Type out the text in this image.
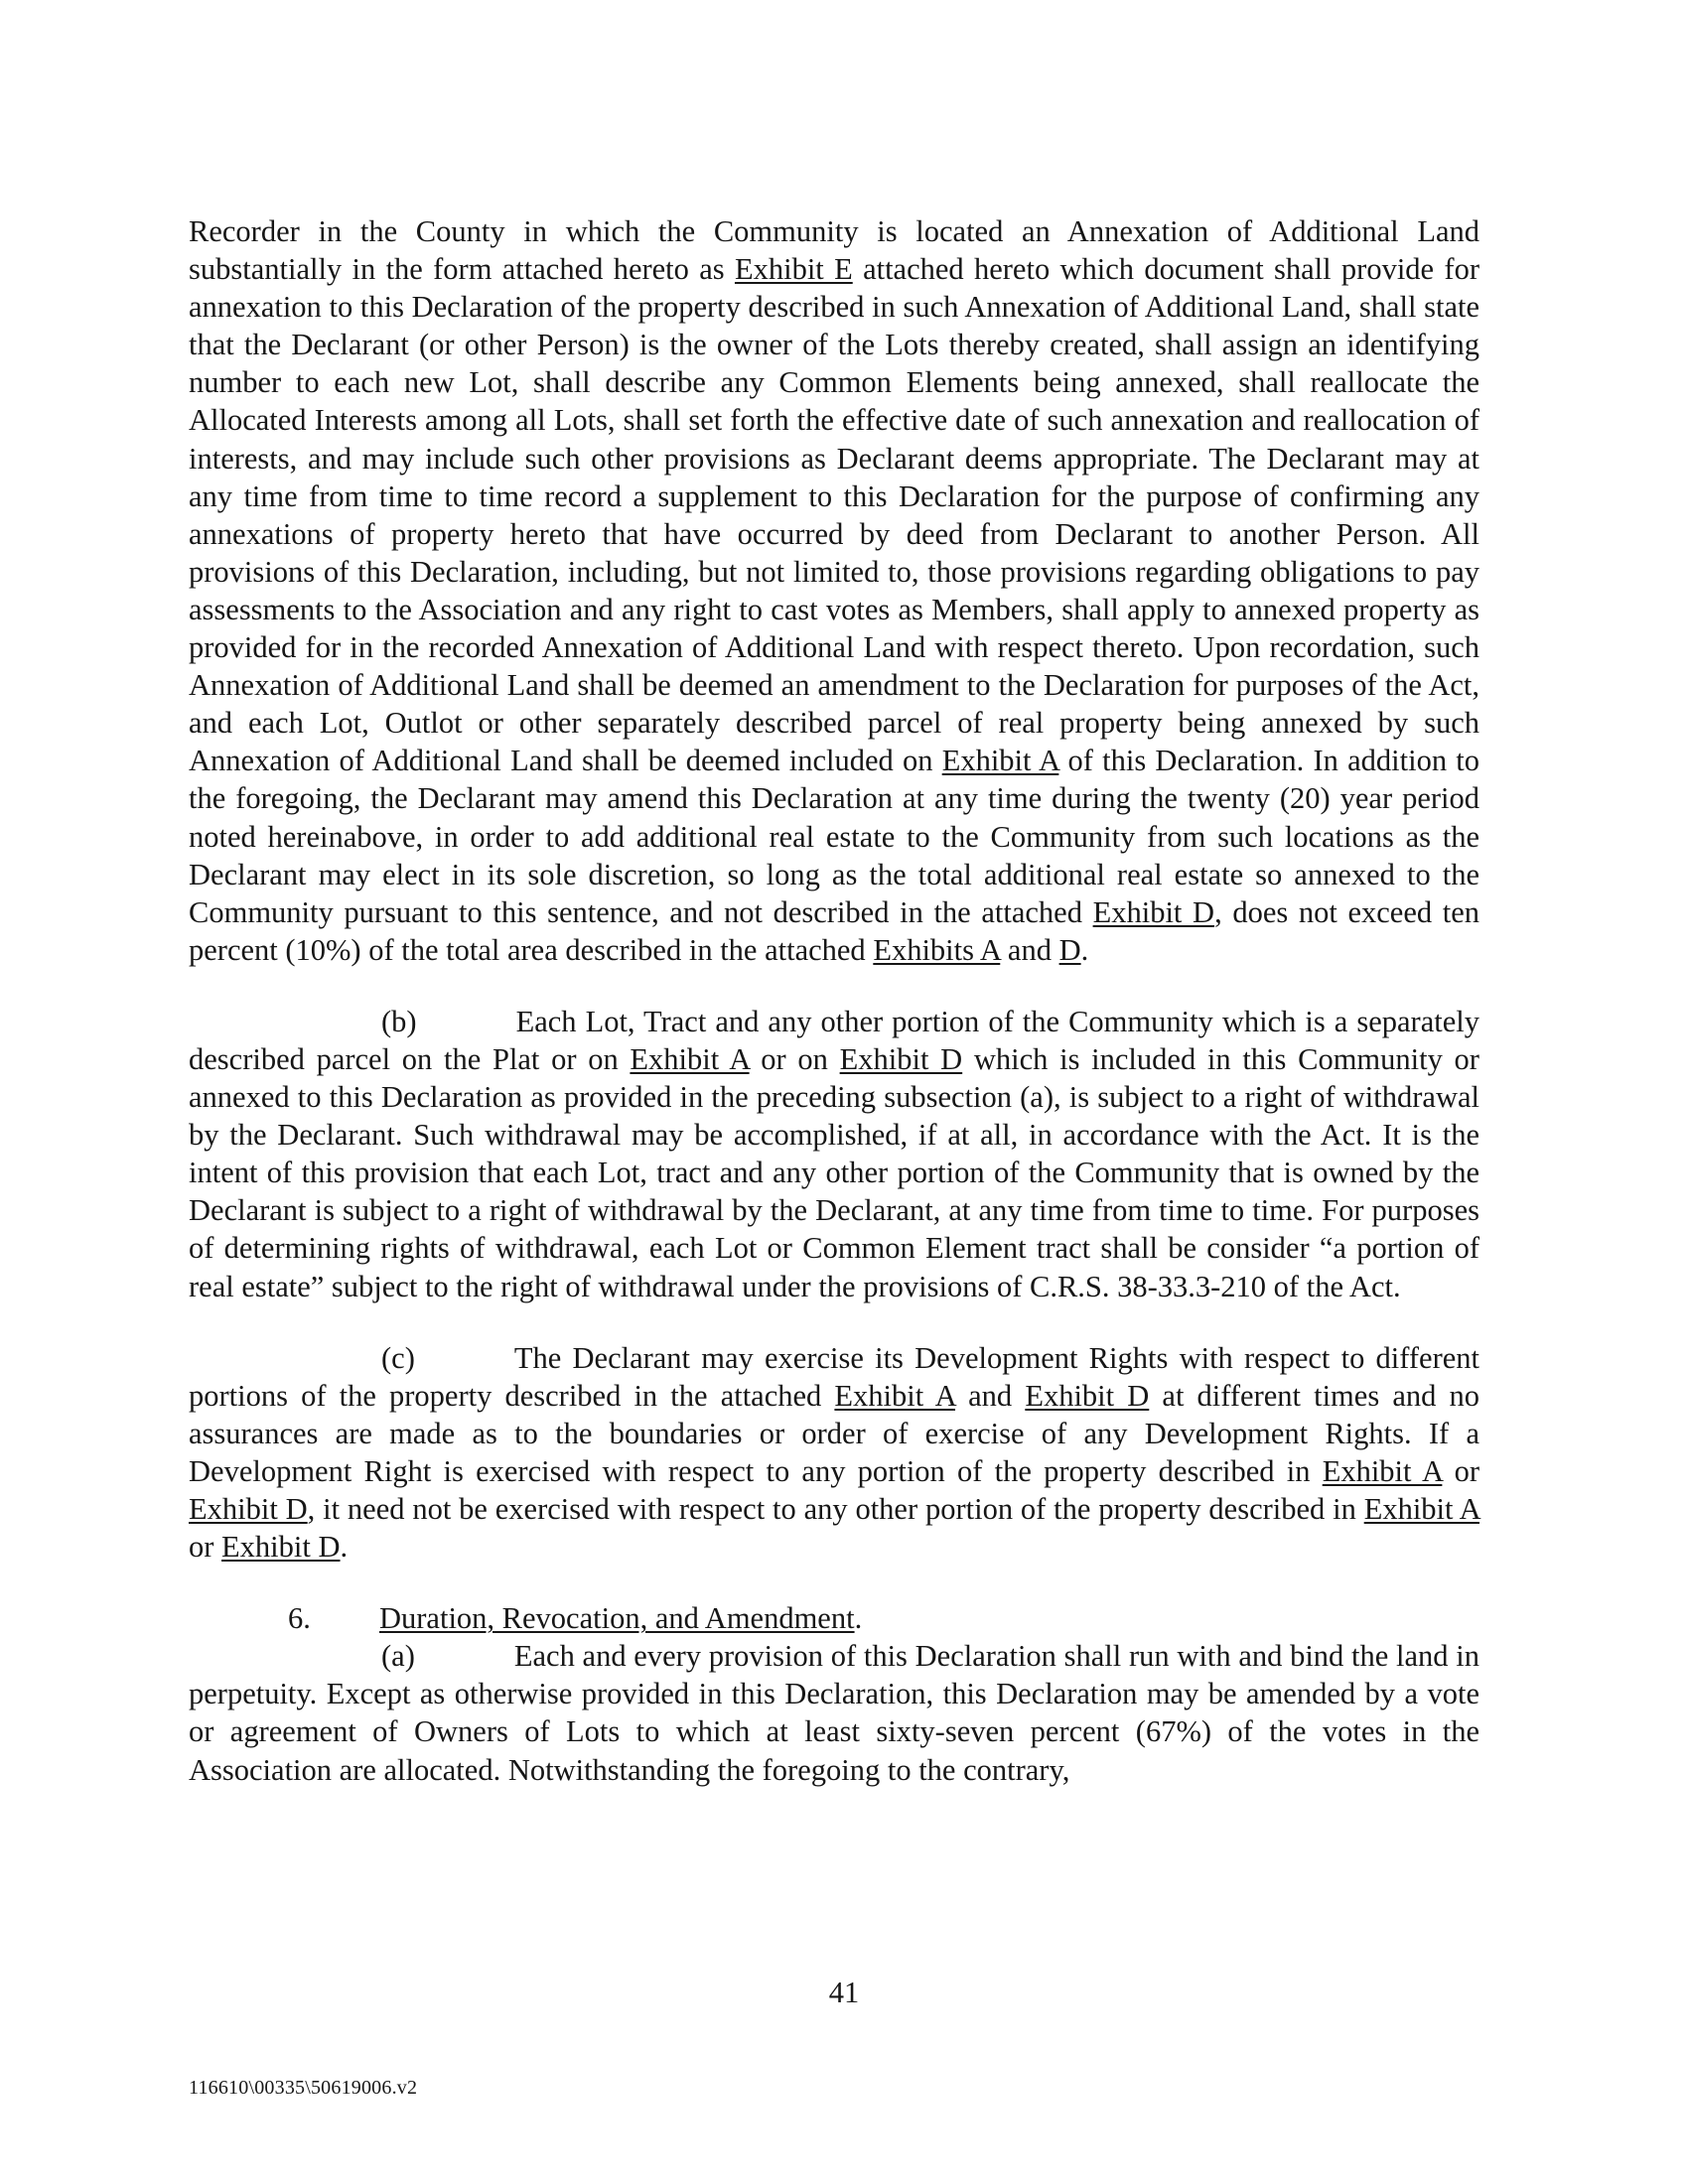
Recorder in the County in which the Community is located an Annexation of Additional Land substantially in the form attached hereto as Exhibit E attached hereto which document shall provide for annexation to this Declaration of the property described in such Annexation of Additional Land, shall state that the Declarant (or other Person) is the owner of the Lots thereby created, shall assign an identifying number to each new Lot, shall describe any Common Elements being annexed, shall reallocate the Allocated Interests among all Lots, shall set forth the effective date of such annexation and reallocation of interests, and may include such other provisions as Declarant deems appropriate. The Declarant may at any time from time to time record a supplement to this Declaration for the purpose of confirming any annexations of property hereto that have occurred by deed from Declarant to another Person. All provisions of this Declaration, including, but not limited to, those provisions regarding obligations to pay assessments to the Association and any right to cast votes as Members, shall apply to annexed property as provided for in the recorded Annexation of Additional Land with respect thereto. Upon recordation, such Annexation of Additional Land shall be deemed an amendment to the Declaration for purposes of the Act, and each Lot, Outlot or other separately described parcel of real property being annexed by such Annexation of Additional Land shall be deemed included on Exhibit A of this Declaration. In addition to the foregoing, the Declarant may amend this Declaration at any time during the twenty (20) year period noted hereinabove, in order to add additional real estate to the Community from such locations as the Declarant may elect in its sole discretion, so long as the total additional real estate so annexed to the Community pursuant to this sentence, and not described in the attached Exhibit D, does not exceed ten percent (10%) of the total area described in the attached Exhibits A and D.

(b)	Each Lot, Tract and any other portion of the Community which is a separately described parcel on the Plat or on Exhibit A or on Exhibit D which is included in this Community or annexed to this Declaration as provided in the preceding subsection (a), is subject to a right of withdrawal by the Declarant. Such withdrawal may be accomplished, if at all, in accordance with the Act. It is the intent of this provision that each Lot, tract and any other portion of the Community that is owned by the Declarant is subject to a right of withdrawal by the Declarant, at any time from time to time. For purposes of determining rights of withdrawal, each Lot or Common Element tract shall be consider “a portion of real estate” subject to the right of withdrawal under the provisions of C.R.S. 38-33.3-210 of the Act.

(c)	The Declarant may exercise its Development Rights with respect to different portions of the property described in the attached Exhibit A and Exhibit D at different times and no assurances are made as to the boundaries or order of exercise of any Development Rights. If a Development Right is exercised with respect to any portion of the property described in Exhibit A or Exhibit D, it need not be exercised with respect to any other portion of the property described in Exhibit A or Exhibit D.

6. Duration, Revocation, and Amendment.

(a)	Each and every provision of this Declaration shall run with and bind the land in perpetuity. Except as otherwise provided in this Declaration, this Declaration may be amended by a vote or agreement of Owners of Lots to which at least sixty-seven percent (67%) of the votes in the Association are allocated. Notwithstanding the foregoing to the contrary,

41
116610\00335\50619006.v2
